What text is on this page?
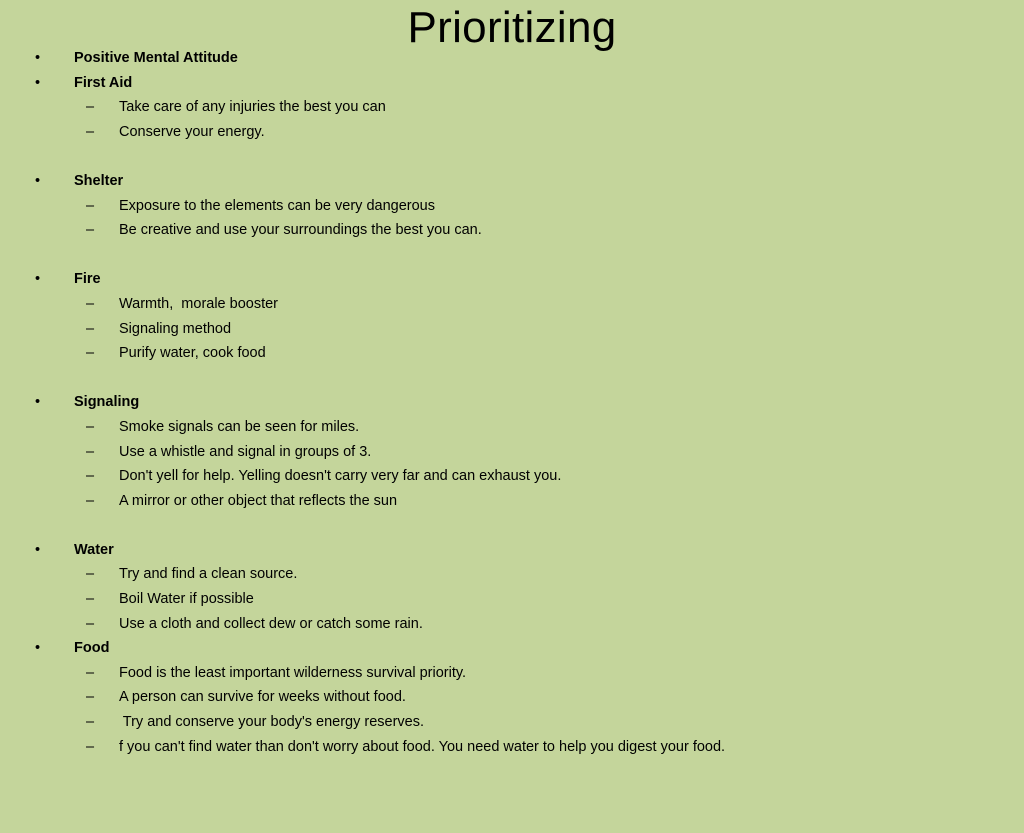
Prioritizing

•

	Positive Mental Attitude

•

	First Aid

–

Take care of any injuries the best you can

–

Conserve your energy.

•

	Shelter

–

Exposure to the elements can be very dangerous

–

Be creative and use your surroundings the best you can.

•

	Fire

–

Warmth,  morale booster

–

Signaling method

–

Purify water, cook food

•

	Signaling

–

Smoke signals can be seen for miles.

–

Use a whistle and signal in groups of 3.

–

Don't yell for help. Yelling doesn't carry very far and can exhaust you.

–

A mirror or other object that reflects the sun

•

	Water

–

Try and find a clean source.

–

Boil Water if possible

–

Use a cloth and collect dew or catch some rain.

•

	Food

–

Food is the least important wilderness survival priority.

–

A person can survive for weeks without food.

–

Try and conserve your body's energy reserves.

–

f you can't find water than don't worry about food. You need water to help you digest your food.
